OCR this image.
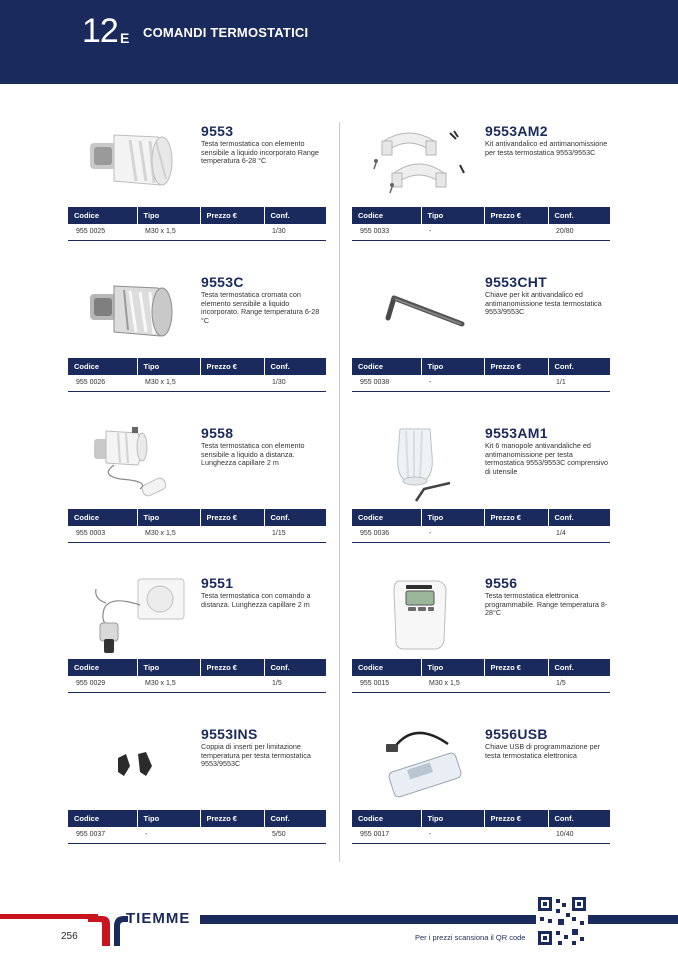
12 E COMANDI TERMOSTATICI
9553
Testa termostatica con elemento sensibile a liquido incorporato Range temperatura 6-28 °C
Codice	Tipo	Prezzo €	Conf.
955 0025	M30 x 1,5		1/30
9553AM2
Kit antivandalico ed antimanomissione per testa termostatica 9553/9553C
Codice	Tipo	Prezzo €	Conf.
955 0033	-		20/80
9553C
Testa termostatica cromata con elemento sensibile a liquido incorporato. Range temperatura 6-28 °C
Codice	Tipo	Prezzo €	Conf.
955 0026	M30 x 1,5		1/30
9553CHT
Chiave per kit antivandalico ed antimanomissione testa termostatica 9553/9553C
Codice	Tipo	Prezzo €	Conf.
955 0038	-		1/1
9558
Testa termostatica con elemento sensibile a liquido a distanza. Lunghezza capillare 2 m
Codice	Tipo	Prezzo €	Conf.
955 0003	M30 x 1,5		1/15
9553AM1
Kit 6 manopole antivandaliche ed antimanomissione per testa termostatica 9553/9553C comprensivo di utensile
Codice	Tipo	Prezzo €	Conf.
955 0036	-		1/4
9551
Testa termostatica con comando a distanza. Lunghezza capillare 2 m
Codice	Tipo	Prezzo €	Conf.
955 0029	M30 x 1,5		1/5
9556
Testa termostatica elettronica programmabile. Range temperatura 8-28°C
Codice	Tipo	Prezzo €	Conf.
955 0015	M30 x 1,5		1/5
9553INS
Coppia di inserti per limitazione temperatura per testa termostatica 9553/9553C
Codice	Tipo	Prezzo €	Conf.
955 0037	-		5/50
9556USB
Chiave USB di programmazione per testa termostatica elettronica
Codice	Tipo	Prezzo €	Conf.
955 0017	-		10/40
TIEMME
256	Per i prezzi scansiona il QR code
